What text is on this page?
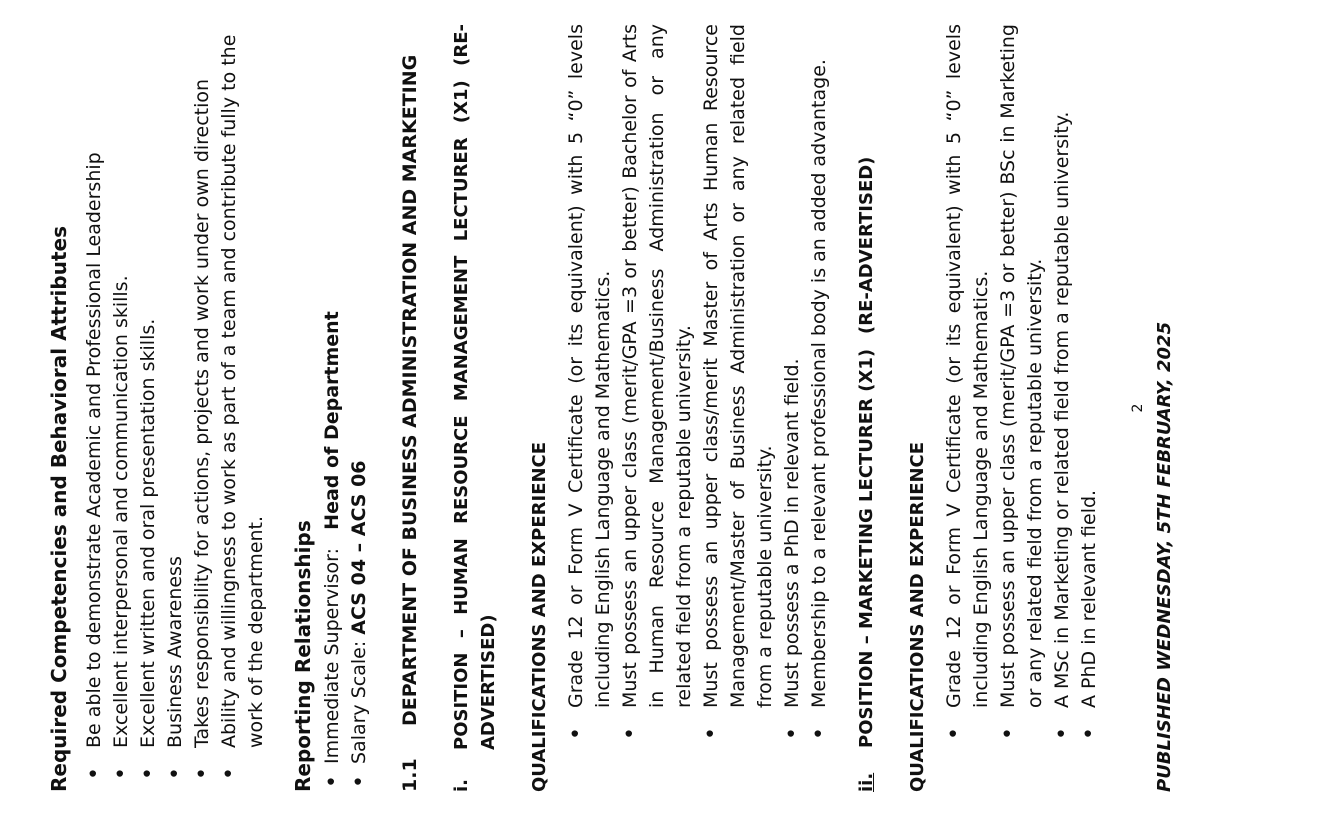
Required Competencies and Behavioral Attributes • Be able to demonstrate Academic and Professional Leadership • Excellent interpersonal and communication skills. • Excellent written and oral presentation skills. • Business Awareness • Takes responsibility for actions, projects and work under own direction • Ability and willingness to work as part of a team and contribute fully to the work of the department. Reporting Relationships • Immediate Supervisor:   Head of Department
• Salary Scale: ACS 04 – ACS 06
1.1
DEPARTMENT OF BUSINESS ADMINISTRATION AND MARKETING
i.
POSITION – HUMAN RESOURCE MANAGEMENT LECTURER (X1) (RE-ADVERTISED) QUALIFICATIONS AND EXPERIENCE • Grade 12 or Form V Certificate (or its equivalent) with 5 “0” levels including English Language and Mathematics. • Must possess an upper class (merit/GPA =3 or better) Bachelor of Arts in Human Resource Management/Business Administration or any related field from a reputable university. • Must possess an upper class/merit Master of Arts Human Resource Management/Master of Business Administration or any related field from a reputable university. • Must possess a PhD in relevant field. • Membership to a relevant professional body is an added advantage.
ii.
POSITION – MARKETING LECTURER (X1)
(RE-ADVERTISED)
QUALIFICATIONS AND EXPERIENCE • Grade 12 or Form V Certificate (or its equivalent) with 5 “0” levels including English Language and Mathematics. • Must possess an upper class (merit/GPA =3 or better) BSc in Marketing or any related field from a reputable university. • A MSc in Marketing or related field from a reputable university. • A PhD in relevant field.
2 PUBLISHED WEDNESDAY, 5TH FEBRUARY, 2025
